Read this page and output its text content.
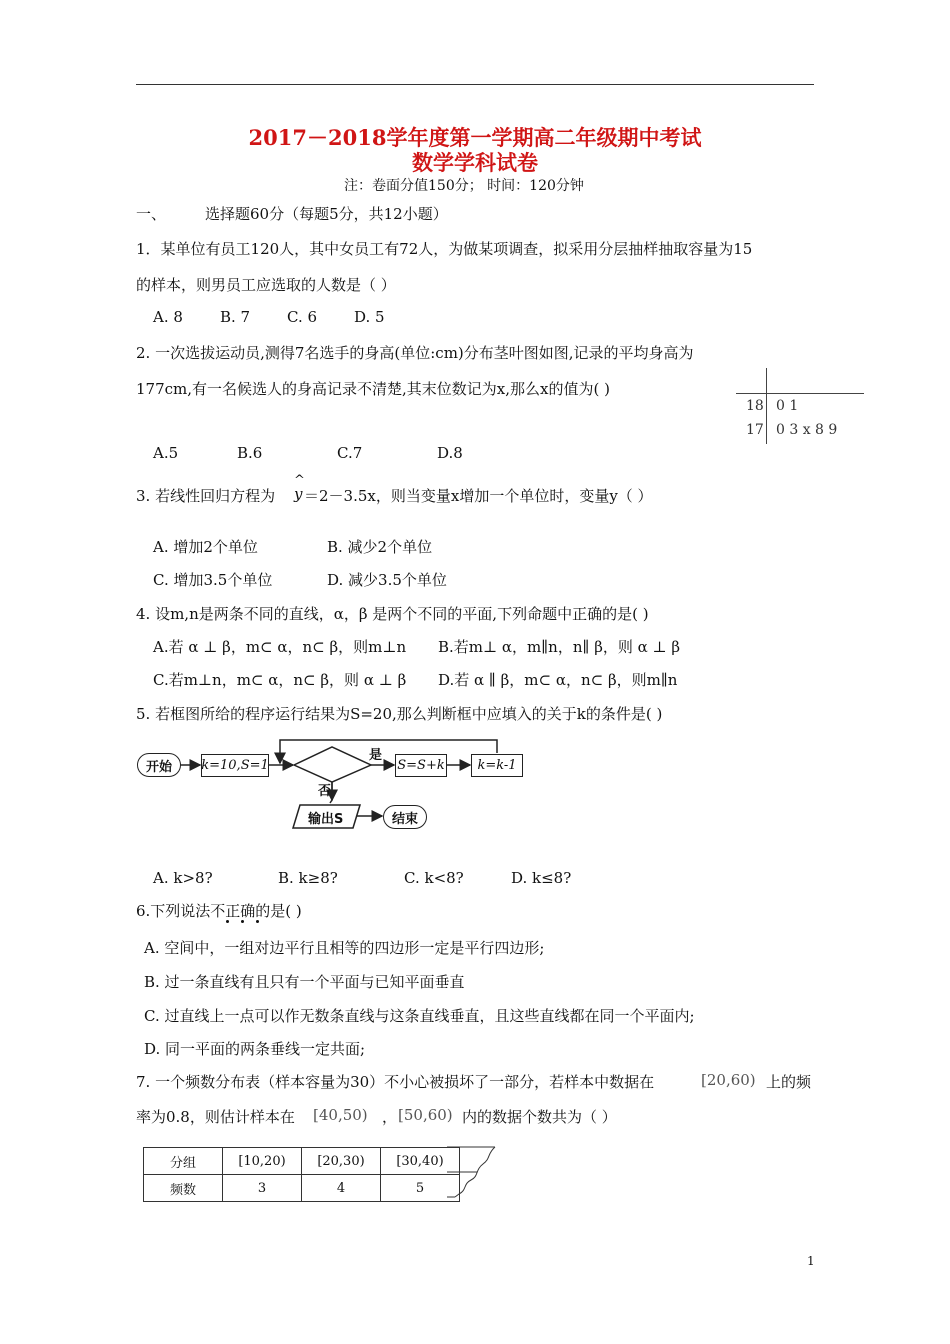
2017－2018学年度第一学期高二年级期中考试
数学学科试卷
注：卷面分值150分； 时间：120分钟
一、	选择题60分（每题5分，共12小题）
1．某单位有员工120人，其中女员工有72人，为做某项调查，拟采用分层抽样抽取容量为15
的样本，则男员工应选取的人数是（ ）
A. 8 B. 7 C. 6 D. 5
2. 一次选拔运动员,测得7名选手的身高(单位:cm)分布茎叶图如图,记录的平均身高为
177cm,有一名候选人的身高记录不清楚,其末位数记为x,那么x的值为( )
18 0 1
17 0 3 x 8 9
A.5	B.6	C.7	D.8
3. 若线性回归方程为
^
y ＝2－3.5x，则当变量x增加一个单位时，变量y（ ）
A. 增加2个单位	B. 减少2个单位
C. 增加3.5个单位	D. 减少3.5个单位
4. 设m,n是两条不同的直线，α，β 是两个不同的平面,下列命题中正确的是( )
A.若 α ⊥ β，m⊂ α，n⊂ β，则m⊥n B.若m⊥ α，m∥n，n∥ β，则 α ⊥ β
C.若m⊥n，m⊂ α，n⊂ β，则 α ⊥ β D.若 α ∥ β，m⊂ α，n⊂ β，则m∥n
5. 若框图所给的程序运行结果为S=20,那么判断框中应填入的关于k的条件是( )
开始	k=10,S=1	S=S+k	k=k-1
是
否
输出S	结束
A. k>8?	B. k≥8?	C. k<8?	D. k≤8?
6.下列说法不正确的是( )
A. 空间中，一组对边平行且相等的四边形一定是平行四边形;
B. 过一条直线有且只有一个平面与已知平面垂直
C. 过直线上一点可以作无数条直线与这条直线垂直，且这些直线都在同一个平面内;
D. 同一平面的两条垂线一定共面;
7. 一个频数分布表（样本容量为30）不小心被损坏了一部分，若样本中数据在	[20,60) 上的频
率为0.8，则估计样本在 [40,50) ， [50,60) 内的数据个数共为（ ）
分组	[10,20)	[20,30)	[30,40)
频数	3	4	5
1
